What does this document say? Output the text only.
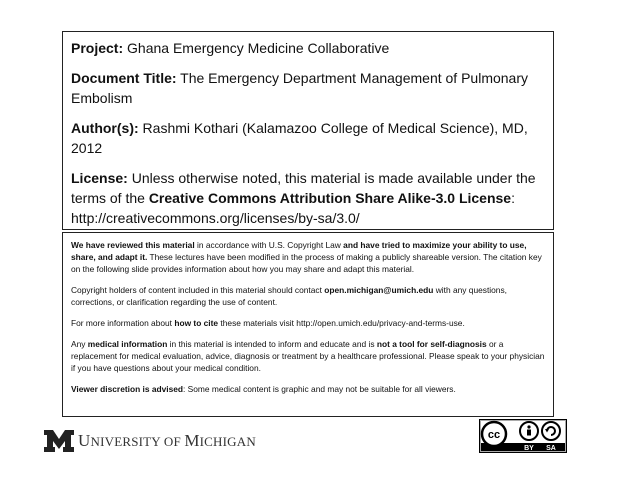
Project: Ghana Emergency Medicine Collaborative

Document Title: The Emergency Department Management of Pulmonary Embolism

Author(s): Rashmi Kothari (Kalamazoo College of Medical Science), MD, 2012

License: Unless otherwise noted, this material is made available under the terms of the Creative Commons Attribution Share Alike-3.0 License:
http://creativecommons.org/licenses/by-sa/3.0/

We have reviewed this material in accordance with U.S. Copyright Law and have tried to maximize your ability to use, share, and adapt it. These lectures have been modified in the process of making a publicly shareable version. The citation key on the following slide provides information about how you may share and adapt this material.

Copyright holders of content included in this material should contact open.michigan@umich.edu with any questions, corrections, or clarification regarding the use of content.

For more information about how to cite these materials visit http://open.umich.edu/privacy-and-terms-use.

Any medical information in this material is intended to inform and educate and is not a tool for self-diagnosis or a replacement for medical evaluation, advice, diagnosis or treatment by a healthcare professional. Please speak to your physician if you have questions about your medical condition.

Viewer discretion is advised: Some medical content is graphic and may not be suitable for all viewers.

UNIVERSITY OF MICHIGAN	cc
BY SA
